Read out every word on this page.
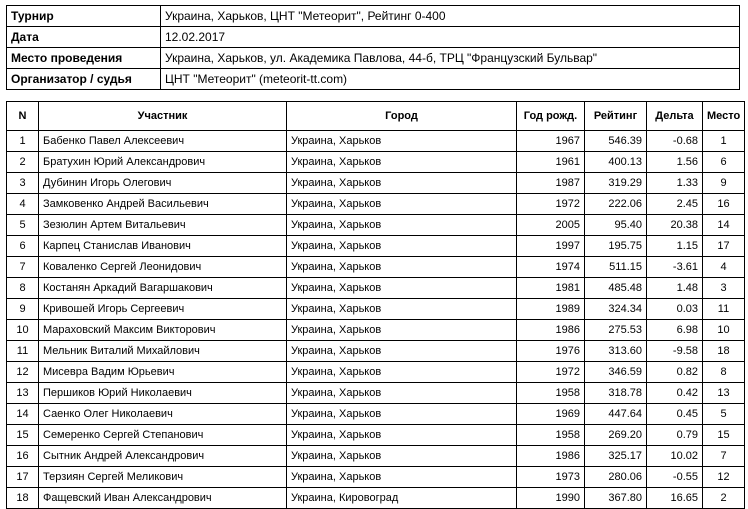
Турнир	Украина, Харьков, ЦНТ "Метеорит", Рейтинг 0-400
Дата	12.02.2017
Место проведения	Украина, Харьков, ул. Академика Павлова, 44-б, ТРЦ "Французский Бульвар"
Организатор / судья	ЦНТ "Метеорит" (meteorit-tt.com)
N	Участник	Город	Год рожд.	Рейтинг	Дельта	Место
1	Бабенко Павел Алексеевич	Украина, Харьков	1967	546.39	-0.68	1
2	Братухин Юрий Александрович	Украина, Харьков	1961	400.13	1.56	6
3	Дубинин Игорь Олегович	Украина, Харьков	1987	319.29	1.33	9
4	Замковенко Андрей Васильевич	Украина, Харьков	1972	222.06	2.45	16
5	Зезюлин Артем Витальевич	Украина, Харьков	2005	95.40	20.38	14
6	Карпец Станислав Иванович	Украина, Харьков	1997	195.75	1.15	17
7	Коваленко Сергей Леонидович	Украина, Харьков	1974	511.15	-3.61	4
8	Костанян Аркадий Вагаршакович	Украина, Харьков	1981	485.48	1.48	3
9	Кривошей Игорь Сергеевич	Украина, Харьков	1989	324.34	0.03	11
10	Мараховский Максим Викторович	Украина, Харьков	1986	275.53	6.98	10
11	Мельник Виталий Михайлович	Украина, Харьков	1976	313.60	-9.58	18
12	Мисевра Вадим Юрьевич	Украина, Харьков	1972	346.59	0.82	8
13	Першиков Юрий Николаевич	Украина, Харьков	1958	318.78	0.42	13
14	Саенко Олег Николаевич	Украина, Харьков	1969	447.64	0.45	5
15	Семеренко Сергей Степанович	Украина, Харьков	1958	269.20	0.79	15
16	Сытник Андрей Александрович	Украина, Харьков	1986	325.17	10.02	7
17	Терзиян Сергей Меликович	Украина, Харьков	1973	280.06	-0.55	12
18	Фащевский Иван Александрович	Украина, Кировоград	1990	367.80	16.65	2
